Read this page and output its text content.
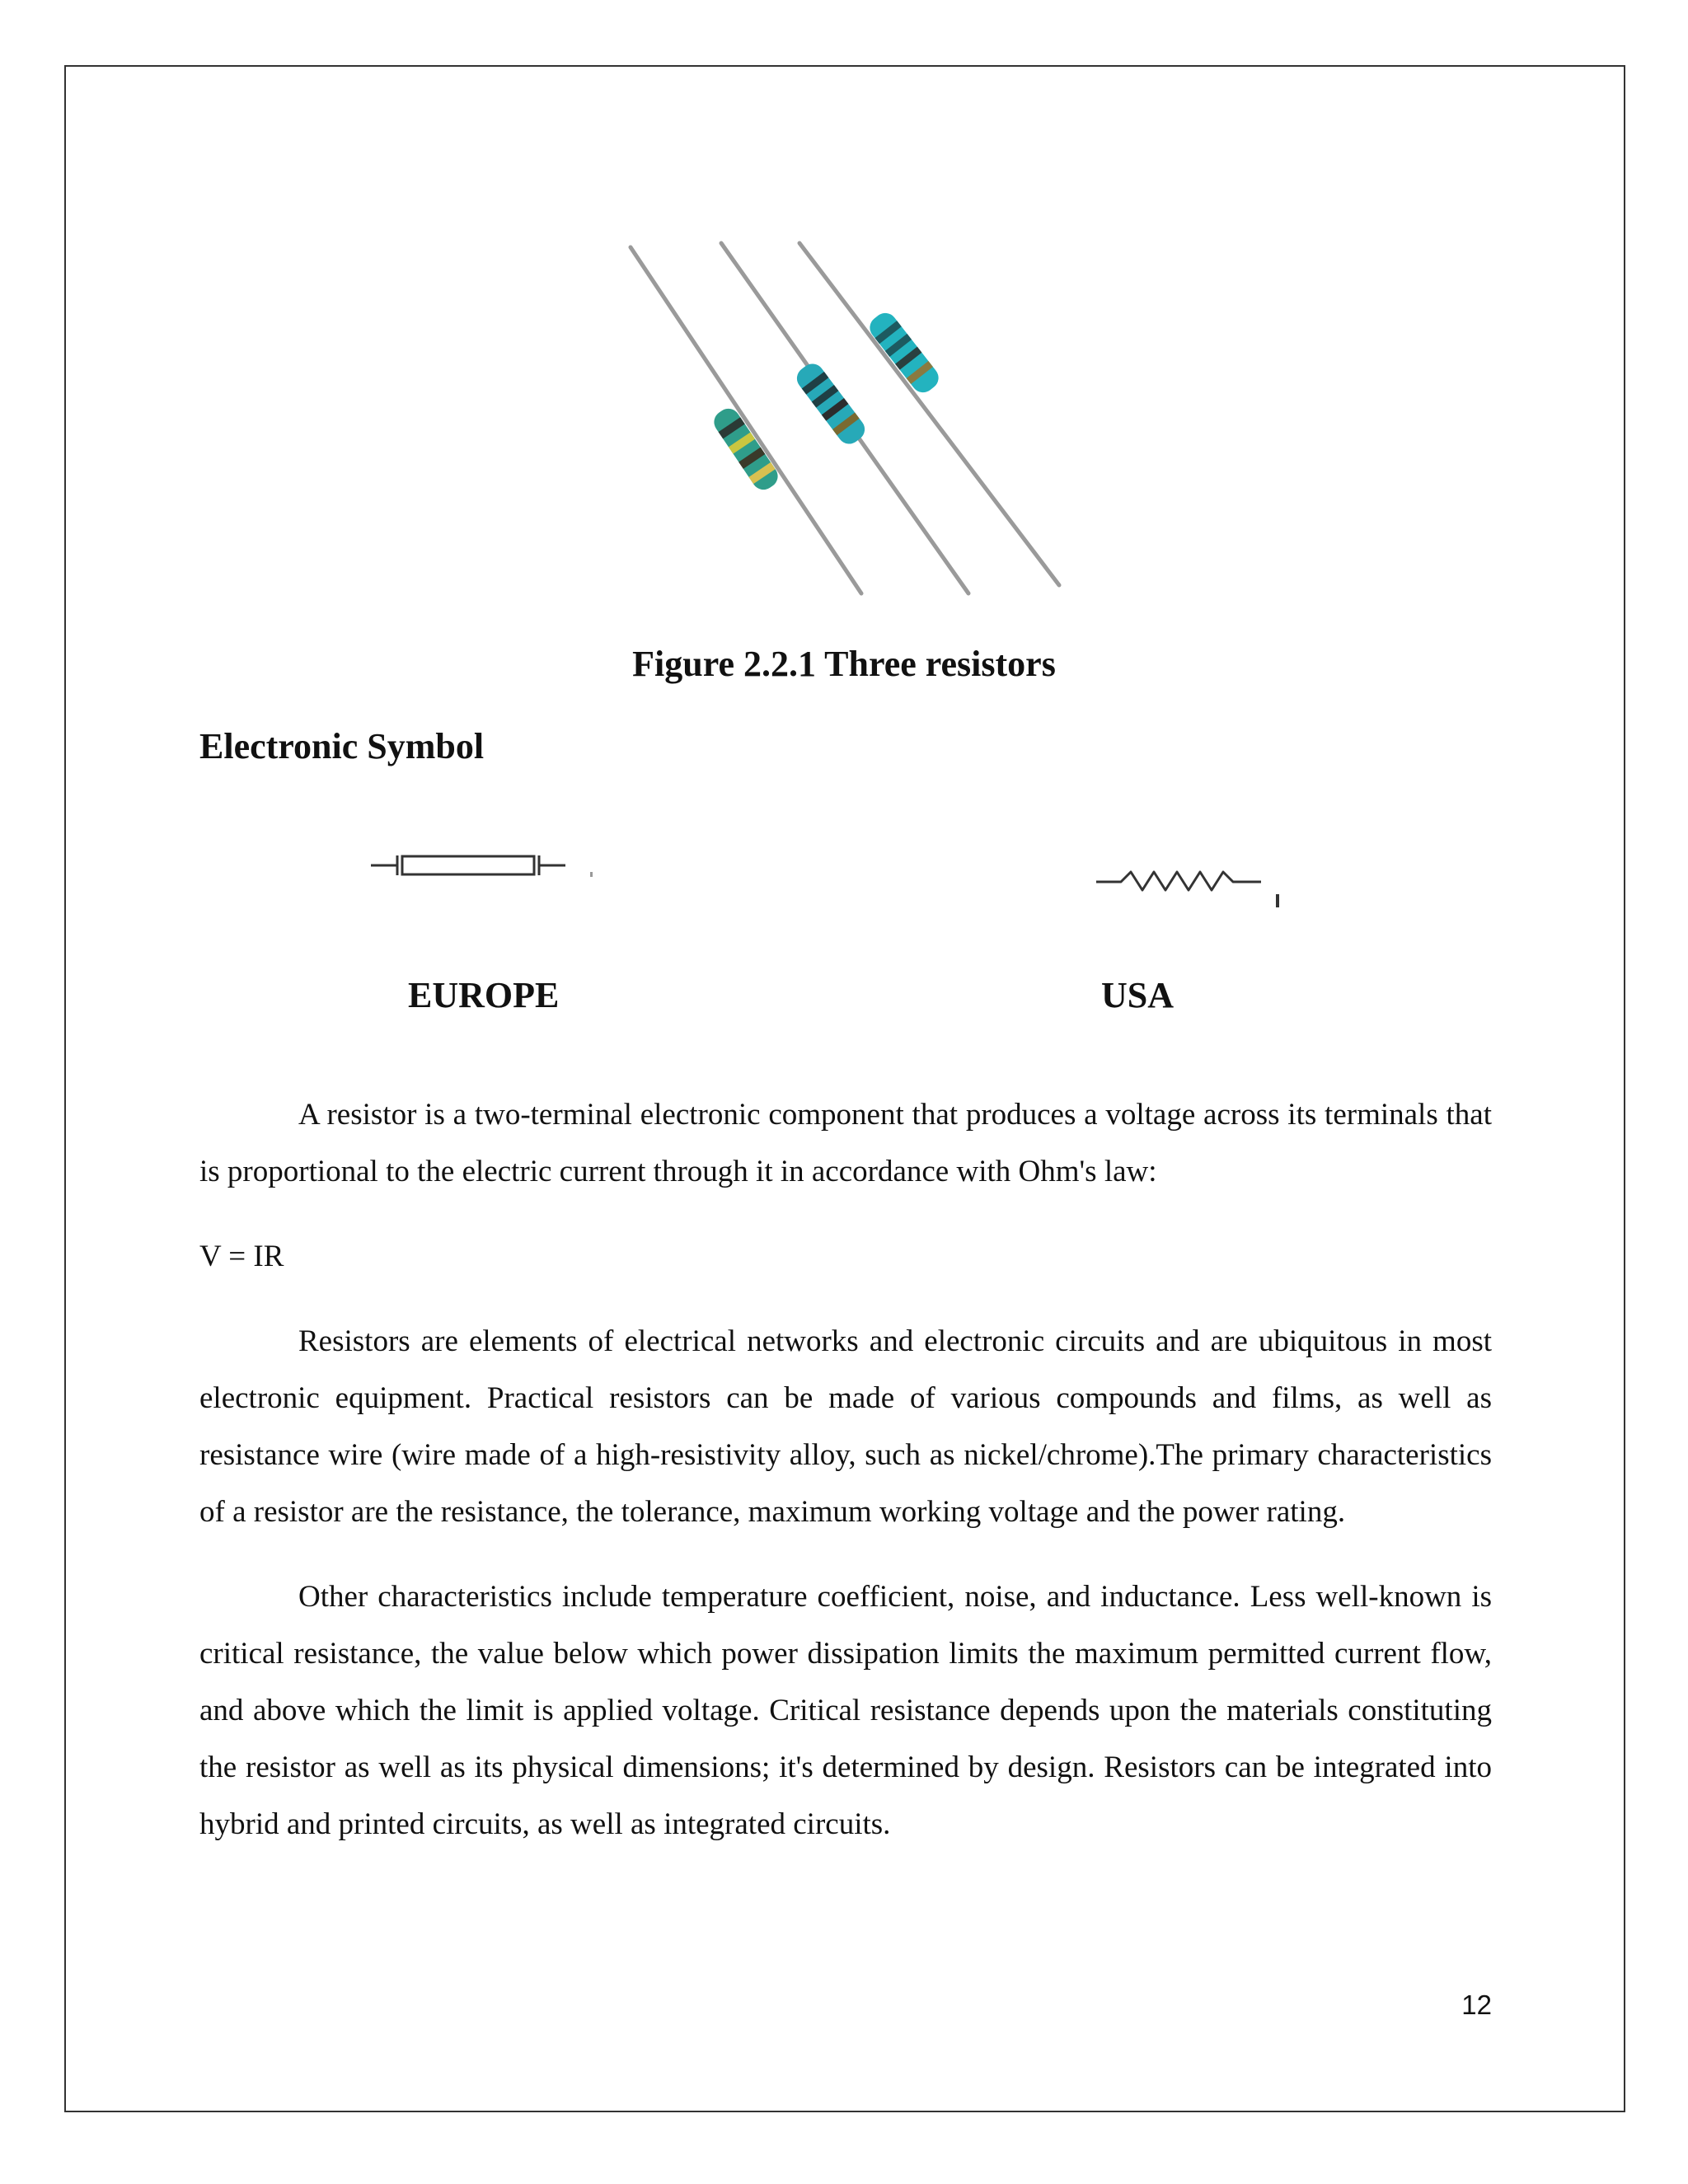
Figure 2.2.1 Three resistors
Electronic Symbol
EUROPE	USA

A resistor is a two-terminal electronic component that produces a voltage across its terminals that is proportional to the electric current through it in accordance with Ohm's law:

V = IR

Resistors are elements of electrical networks and electronic circuits and are ubiquitous in most electronic equipment. Practical resistors can be made of various compounds and films, as well as resistance wire (wire made of a high-resistivity alloy, such as nickel/chrome).The primary characteristics of a resistor are the resistance, the tolerance, maximum working voltage and the power rating.

Other characteristics include temperature coefficient, noise, and inductance. Less well-known is critical resistance, the value below which power dissipation limits the maximum permitted current flow, and above which the limit is applied voltage. Critical resistance depends upon the materials constituting the resistor as well as its physical dimensions; it's determined by design. Resistors can be integrated into hybrid and printed circuits, as well as integrated circuits.

12
